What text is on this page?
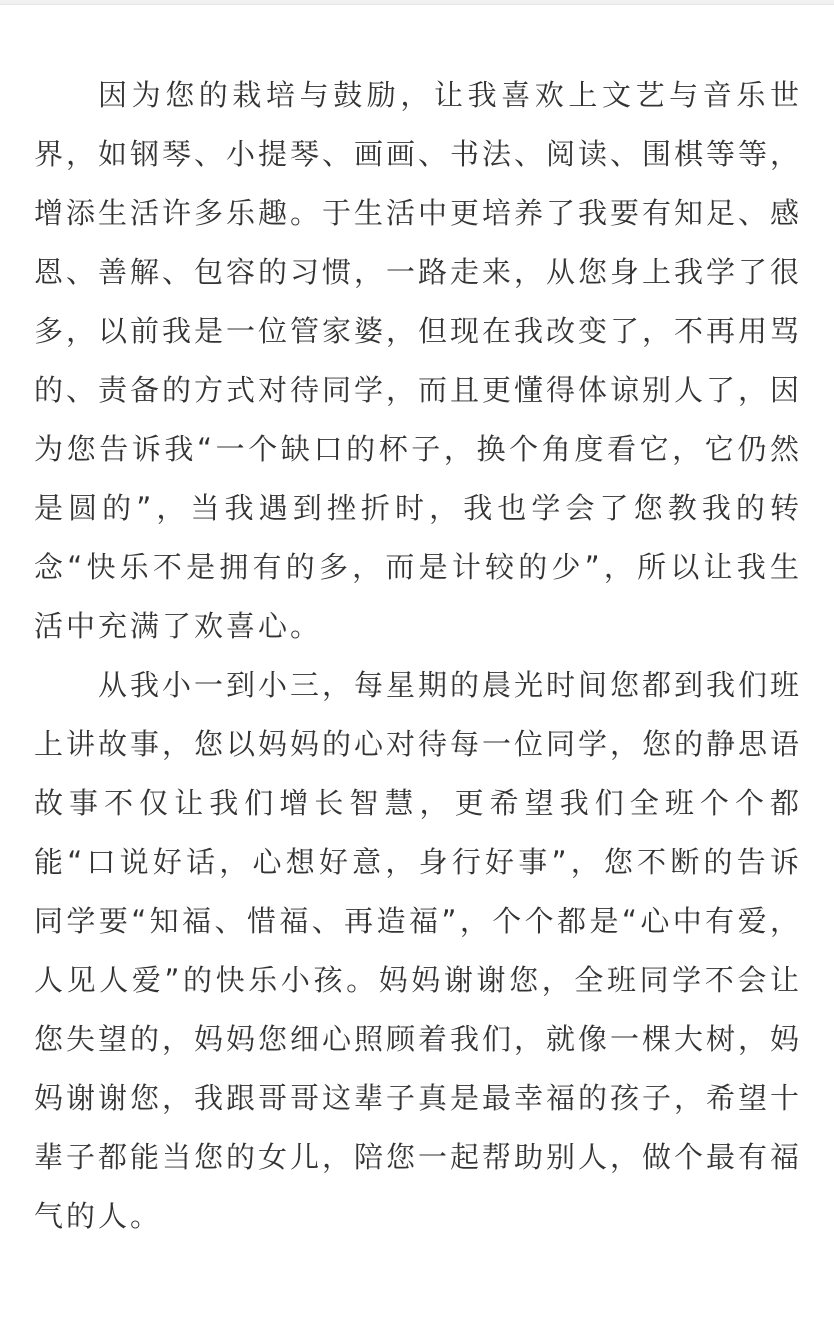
因为您的栽培与鼓励，让我喜欢上文艺与音乐世界，如钢琴、小提琴、画画、书法、阅读、围棋等等，增添生活许多乐趣。于生活中更培养了我要有知足、感恩、善解、包容的习惯，一路走来，从您身上我学了很多，以前我是一位管家婆，但现在我改变了，不再用骂的、责备的方式对待同学，而且更懂得体谅别人了，因为您告诉我“一个缺口的杯子，换个角度看它，它仍然是圆的”，当我遇到挫折时，我也学会了您教我的转念“快乐不是拥有的多，而是计较的少”，所以让我生活中充满了欢喜心。

从我小一到小三，每星期的晨光时间您都到我们班上讲故事，您以妈妈的心对待每一位同学，您的静思语故事不仅让我们增长智慧，更希望我们全班个个都能“口说好话，心想好意，身行好事”，您不断的告诉同学要“知福、惜福、再造福”，个个都是“心中有爱，人见人爱”的快乐小孩。妈妈谢谢您，全班同学不会让您失望的，妈妈您细心照顾着我们，就像一棵大树，妈妈谢谢您，我跟哥哥这辈子真是最幸福的孩子，希望十辈子都能当您的女儿，陪您一起帮助别人，做个最有福气的人。
